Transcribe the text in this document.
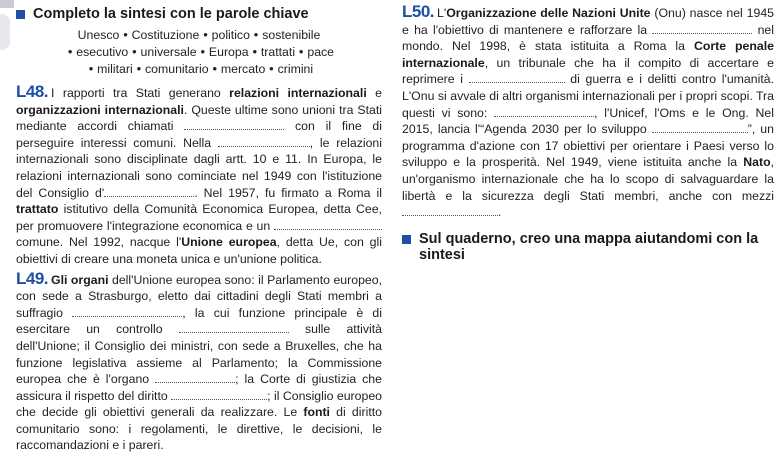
Completo la sintesi con le parole chiave
Unesco • Costituzione • politico • sostenibile
• esecutivo • universale • Europa • trattati • pace
• militari • comunitario • mercato • crimini

L48. I rapporti tra Stati generano relazioni internazionali e organizzazioni internazionali. Queste ultime sono unioni tra Stati mediante accordi chiamati	con il fine di perseguire interessi comuni. Nella	, le relazioni internazionali sono disciplinate dagli artt. 10 e 11. In Europa, le relazioni internazionali sono cominciate nel 1949 con l'istituzione del Consiglio d'	. Nel 1957, fu firmato a Roma il trattato istitutivo della Comunità Economica Europea, detta Cee, per promuovere l'integrazione economica e un  comune. Nel 1992, nacque l'Unione europea, detta Ue, con gli obiettivi di creare una moneta unica e un'unione politica.

L49. Gli organi dell'Unione europea sono: il Parlamento europeo, con sede a Strasburgo, eletto dai cittadini degli Stati membri a suffragio	, la cui funzione principale è di esercitare un controllo	sulle attività dell'Unione; il Consiglio dei ministri, con sede a Bruxelles, che ha funzione legislativa assieme al Parlamento; la Commissione europea che è l'organo	; la Corte di giustizia che assicura il rispetto del diritto	; il Consiglio europeo che decide gli obiettivi generali da realizzare. Le fonti di diritto comunitario sono: i regolamenti, le direttive, le decisioni, le raccomandazioni e i pareri.

L50. L'Organizzazione delle Nazioni Unite (Onu) nasce nel 1945 e ha l'obiettivo di mantenere e rafforzare la	nel mondo. Nel 1998, è stata istituita a Roma la Corte penale internazionale, un tribunale che ha il compito di accertare e reprimere i	di guerra e i delitti contro l'umanità. L'Onu si avvale di altri organismi internazionali per i propri scopi. Tra questi vi sono:	, l'Unicef, l'Oms e le Ong. Nel 2015, lancia l'“Agenda 2030 per lo sviluppo	”, un programma d'azione con 17 obiettivi per orientare i Paesi verso lo sviluppo e la prosperità. Nel 1949, viene istituita anche la Nato, un'organismo internazionale che ha lo scopo di salvaguardare la libertà e la sicurezza degli Stati membri, anche con mezzi .

Sul quaderno, creo una mappa aiutandomi con la sintesi
